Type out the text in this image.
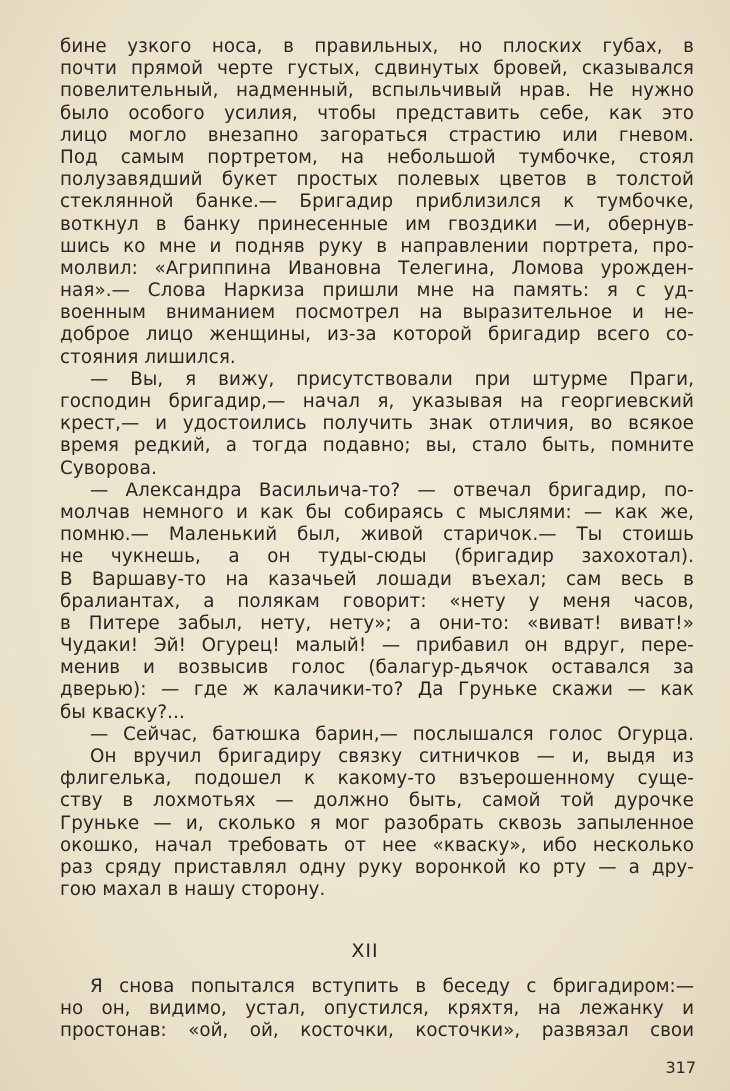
бине узкого носа, в правильных, но плоских губах, в
почти прямой черте густых, сдвинутых бровей, сказывался
повелительный, надменный, вспыльчивый нрав. Не нужно
было особого усилия, чтобы представить себе, как это
лицо могло внезапно загораться страстию или гневом.
Под самым портретом, на небольшой тумбочке, стоял
полузавядший букет простых полевых цветов в толстой
стеклянной банке.— Бригадир приблизился к тумбочке,
воткнул в банку принесенные им гвоздики —и, обернув-
шись ко мне и подняв руку в направлении портрета, про-
молвил: «Агриппина Ивановна Телегина, Ломова урожден-
ная».— Слова Наркиза пришли мне на память: я с уд-
военным вниманием посмотрел на выразительное и не-
доброе лицо женщины, из-за которой бригадир всего со-
стояния лишился.
— Вы, я вижу, присутствовали при штурме Праги,
господин бригадир,— начал я, указывая на георгиевский
крест,— и удостоились получить знак отличия, во всякое
время редкий, а тогда подавно; вы, стало быть, помните
Суворова.
— Александра Васильича-то? — отвечал бригадир, по-
молчав немного и как бы собираясь с мыслями: — как же,
помню.— Маленький был, живой старичок.— Ты стоишь
не чукнешь, а он туды-сюды (бригадир захохотал).
В Варшаву-то на казачьей лошади въехал; сам весь в
бралиантах, а полякам говорит: «нету у меня часов,
в Питере забыл, нету, нету»; а они-то: «виват! виват!»
Чудаки! Эй! Огурец! малый! — прибавил он вдруг, пере-
менив и возвысив голос (балагур-дьячок оставался за
дверью): — где ж калачики-то? Да Груньке скажи — как
бы кваску?...
— Сейчас, батюшка барин,— послышался голос Огурца.
Он вручил бригадиру связку ситничков — и, выдя из
флигелька, подошел к какому-то взъерошенному суще-
ству в лохмотьях — должно быть, самой той дурочке
Груньке — и, сколько я мог разобрать сквозь запыленное
окошко, начал требовать от нее «кваску», ибо несколько
раз сряду приставлял одну руку воронкой ко рту — а дру-
гою махал в нашу сторону.
XII
Я снова попытался вступить в беседу с бригадиром:—
но он, видимо, устал, опустился, кряхтя, на лежанку и
простонав: «ой, ой, косточки, косточки», развязал свои
317
